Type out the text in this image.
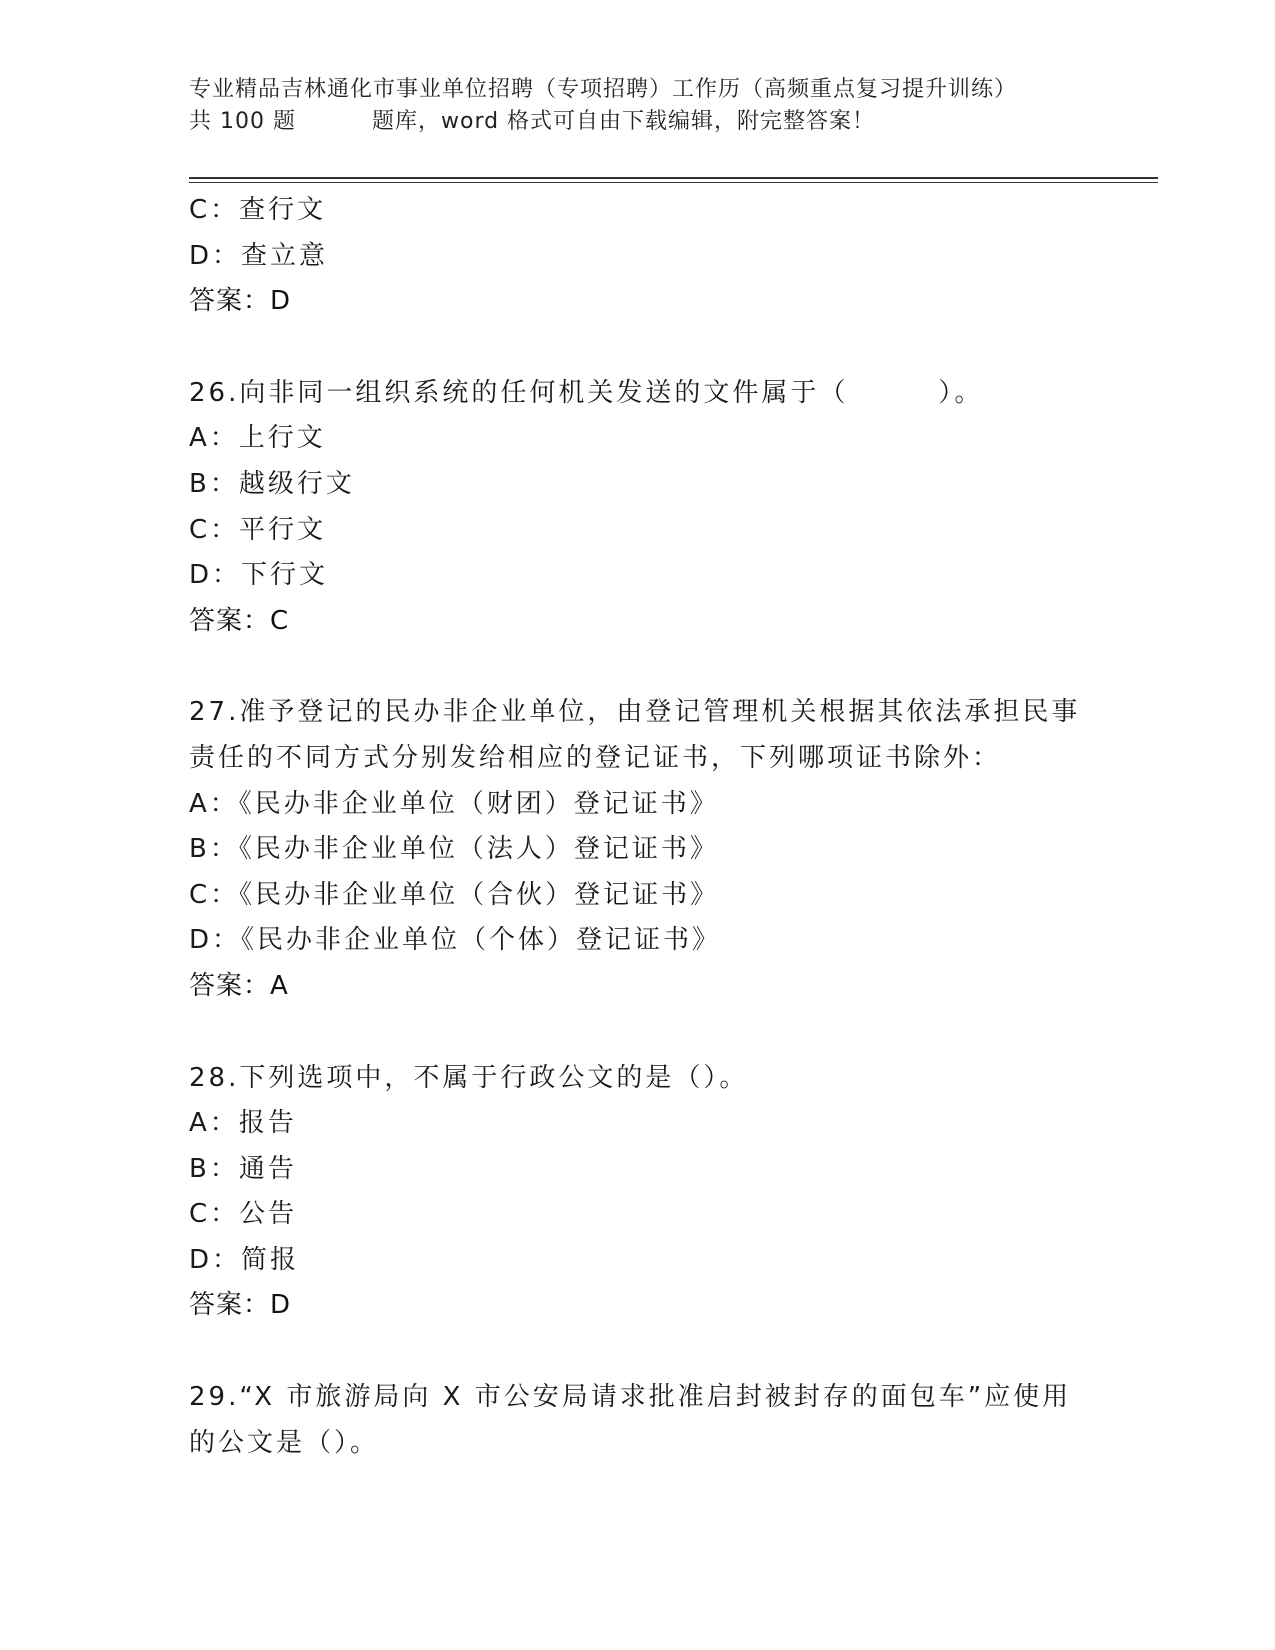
专业精品吉林通化市事业单位招聘（专项招聘）工作历（高频重点复习提升训练）
共 100 题	题库，word 格式可自由下载编辑，附完整答案！
C：查行文
D：查立意
答案：D
26.向非同一组织系统的任何机关发送的文件属于（	）。
A：上行文
B：越级行文
C：平行文
D：下行文
答案：C
27.准予登记的民办非企业单位，由登记管理机关根据其依法承担民事
责任的不同方式分别发给相应的登记证书，下列哪项证书除外：
A：《民办非企业单位（财团）登记证书》
B：《民办非企业单位（法人）登记证书》
C：《民办非企业单位（合伙）登记证书》
D：《民办非企业单位（个体）登记证书》
答案：A
28.下列选项中，不属于行政公文的是（）。
A：报告
B：通告
C：公告
D：简报
答案：D
29.“X 市旅游局向 X 市公安局请求批准启封被封存的面包车”应使用
的公文是（）。
